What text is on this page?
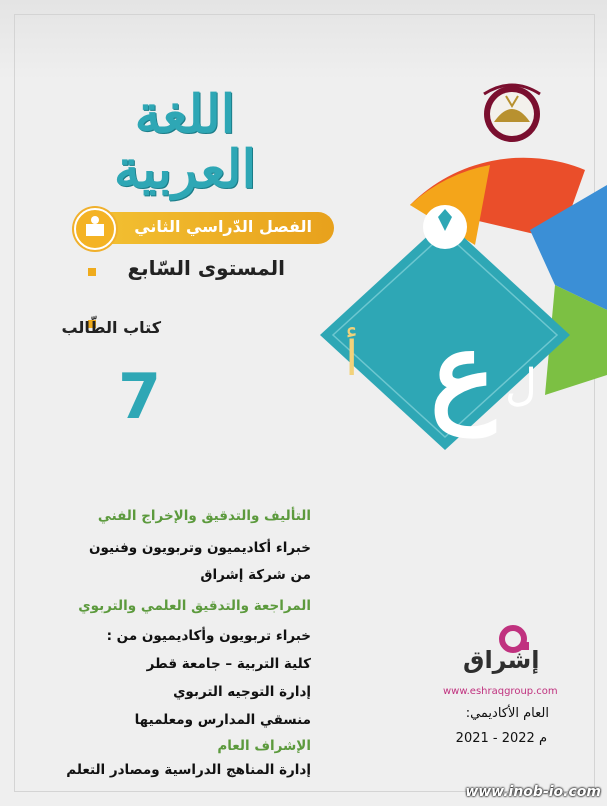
اللغة العربية
الفصل الدّراسي الثاني
المستوى السّابع
كتاب الطّالب
7 ع
أ	ل
التأليف والتدقيق والإخراج الفني
خبراء أكاديميون وتربويون وفنيون
من شركة إشراق
المراجعة والتدقيق العلمي والتربوي
خبراء تربويون وأكاديميون من :
كلية التربية – جامعة قطر
إدارة التوجيه التربوي
منسقي المدارس ومعلميها
الإشراف العام
إدارة المناهج الدراسية ومصادر التعلم
إشراق
www.eshraqgroup.com
العام الأكاديمي:
2021 - 2022 م
www.inob-io.com
